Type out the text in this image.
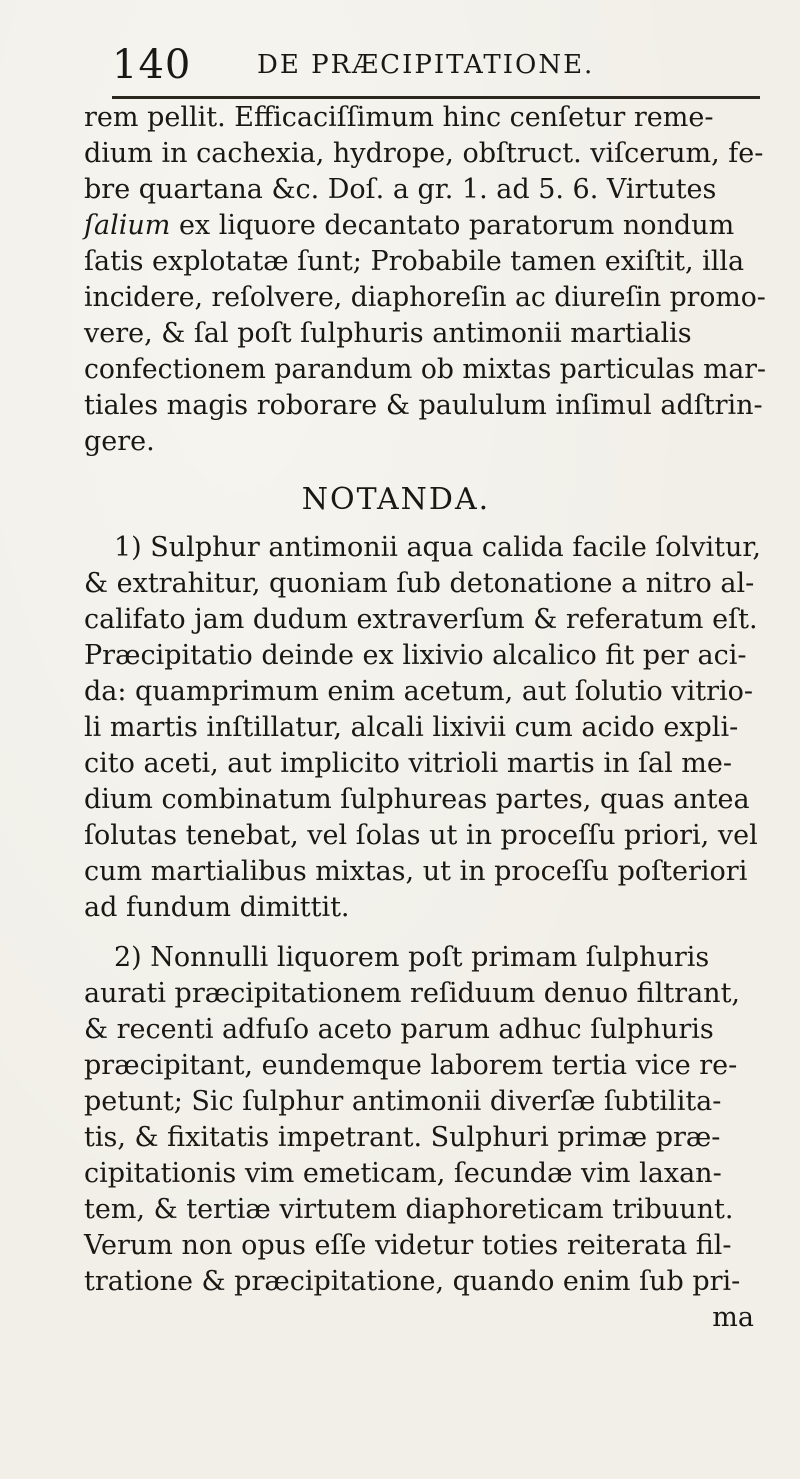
140	DE PRÆCIPITATIONE.
rem pellit. Efficaciſſimum hinc cenſetur reme-
dium in cachexia, hydrope, obſtruct. viſcerum, fe-
bre quartana &c. Doſ. a gr. 1. ad 5. 6. Virtutes
ſalium ex liquore decantato paratorum nondum
ſatis explotatæ ſunt; Probabile tamen exiſtit, illa
incidere, reſolvere, diaphoreſin ac diureſin promo-
vere, & ſal poſt ſulphuris antimonii martialis
confectionem parandum ob mixtas particulas mar-
tiales magis roborare & paululum inſimul adſtrin-
gere.
NOTANDA.
1) Sulphur antimonii aqua calida facile ſolvitur,
& extrahitur, quoniam ſub detonatione a nitro al-
califato jam dudum extraverſum & referatum eſt.
Præcipitatio deinde ex lixivio alcalico fit per aci-
da: quamprimum enim acetum, aut ſolutio vitrio-
li martis inſtillatur, alcali lixivii cum acido expli-
cito aceti, aut implicito vitrioli martis in ſal me-
dium combinatum ſulphureas partes, quas antea
ſolutas tenebat, vel ſolas ut in proceſſu priori, vel
cum martialibus mixtas, ut in proceſſu poſteriori
ad fundum dimittit.
2) Nonnulli liquorem poſt primam ſulphuris
aurati præcipitationem reſiduum denuo filtrant,
& recenti adfuſo aceto parum adhuc ſulphuris
præcipitant, eundemque laborem tertia vice re-
petunt; Sic ſulphur antimonii diverſæ ſubtilita-
tis, & fixitatis impetrant. Sulphuri primæ præ-
cipitationis vim emeticam, ſecundæ vim laxan-
tem, & tertiæ virtutem diaphoreticam tribuunt.
Verum non opus eſſe videtur toties reiterata fil-
tratione & præcipitatione, quando enim ſub pri-
ma
